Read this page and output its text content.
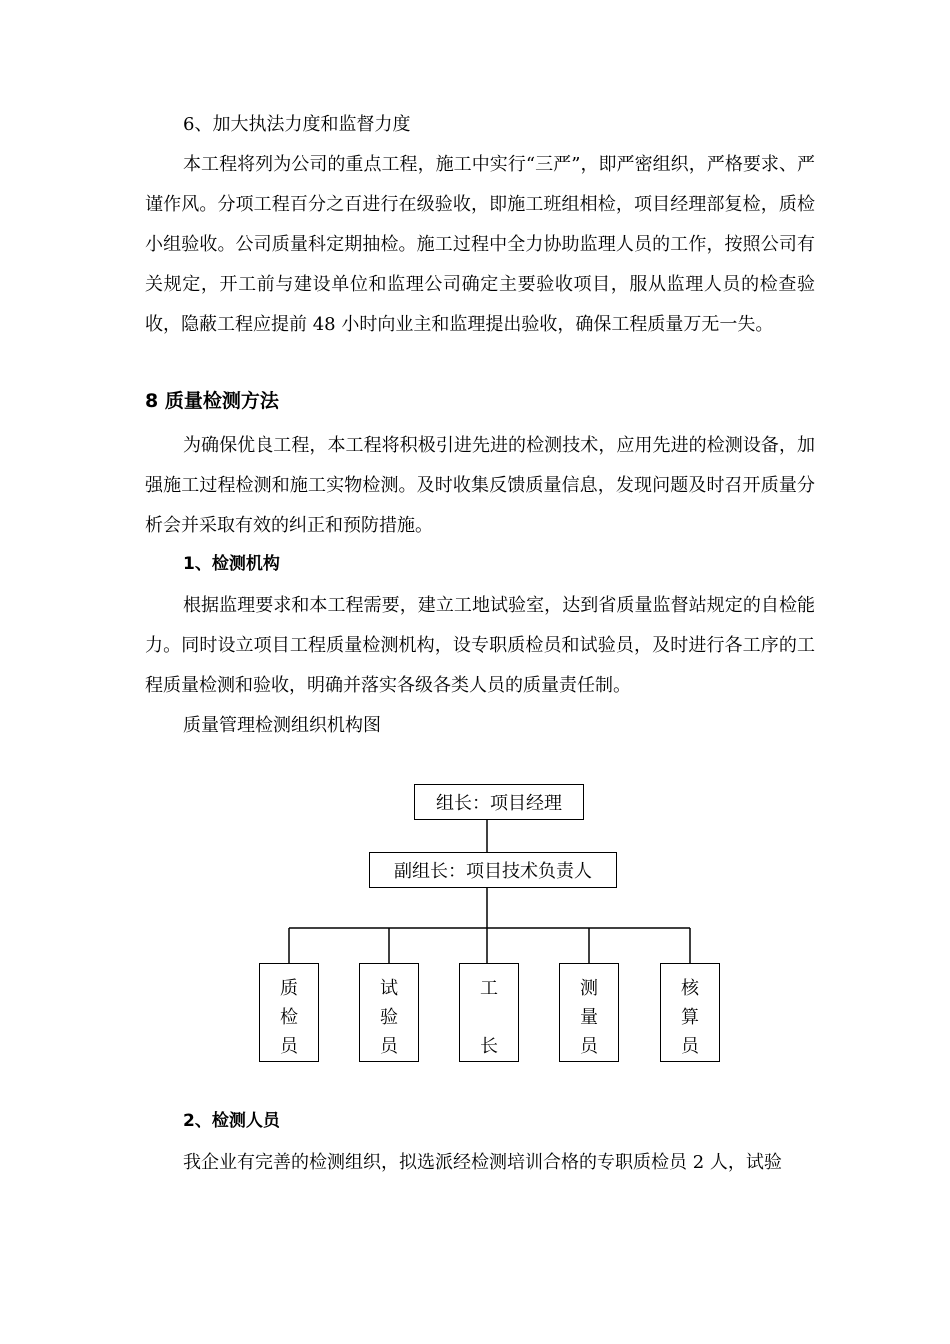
6、加大执法力度和监督力度

本工程将列为公司的重点工程，施工中实行“三严”，即严密组织，严格要求、严谨作风。分项工程百分之百进行在级验收，即施工班组相检，项目经理部复检，质检小组验收。公司质量科定期抽检。施工过程中全力协助监理人员的工作，按照公司有关规定，开工前与建设单位和监理公司确定主要验收项目，服从监理人员的检查验收，隐蔽工程应提前 48 小时向业主和监理提出验收，确保工程质量万无一失。

8 质量检测方法

为确保优良工程，本工程将积极引进先进的检测技术，应用先进的检测设备，加强施工过程检测和施工实物检测。及时收集反馈质量信息，发现问题及时召开质量分析会并采取有效的纠正和预防措施。

1、检测机构

根据监理要求和本工程需要，建立工地试验室，达到省质量监督站规定的自检能力。同时设立项目工程质量检测机构，设专职质检员和试验员，及时进行各工序的工程质量检测和验收，明确并落实各级各类人员的质量责任制。

质量管理检测组织机构图

组长：项目经理
副组长：项目技术负责人
质
检
员
试
验
员
工
长
测
量
员
核
算
员
2、检测人员

我企业有完善的检测组织，拟选派经检测培训合格的专职质检员 2 人，试验
